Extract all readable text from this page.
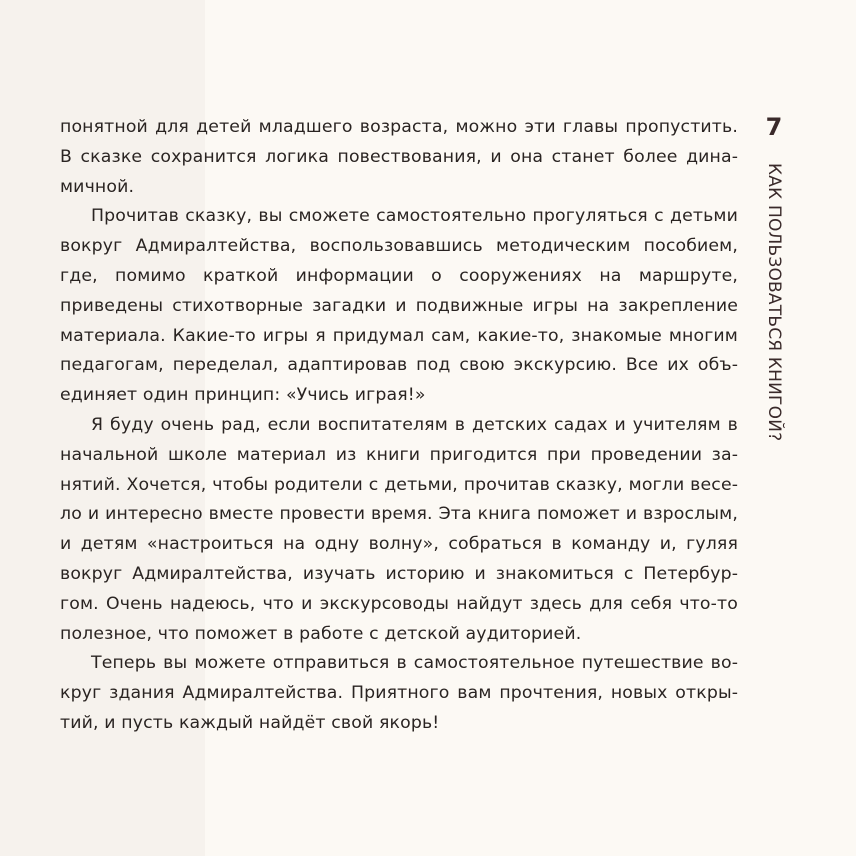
понятной для детей младшего возраста, можно эти главы пропустить. В сказке сохранится логика повествования, и она станет более динамичной.

Прочитав сказку, вы сможете самостоятельно прогуляться с детьми вокруг Адмиралтейства, воспользовавшись методическим пособием, где, помимо краткой информации о сооружениях на маршруте, приведены стихотворные загадки и подвижные игры на закрепление материала. Какие-то игры я придумал сам, какие-то, знакомые многим педагогам, переделал, адаптировав под свою экскурсию. Все их объединяет один принцип: «Учись играя!»

Я буду очень рад, если воспитателям в детских садах и учителям в начальной школе материал из книги пригодится при проведении занятий. Хочется, чтобы родители с детьми, прочитав сказку, могли весело и интересно вместе провести время. Эта книга поможет и взрослым, и детям «настроиться на одну волну», собраться в команду и, гуляя вокруг Адмиралтейства, изучать историю и знакомиться с Петербургом. Очень надеюсь, что и экскурсоводы найдут здесь для себя что-то полезное, что поможет в работе с детской аудиторией.

Теперь вы можете отправиться в самостоятельное путешествие вокруг здания Адмиралтейства. Приятного вам прочтения, новых открытий, и пусть каждый найдёт свой якорь!

7
КАК ПОЛЬЗОВАТЬСЯ КНИГОЙ?
